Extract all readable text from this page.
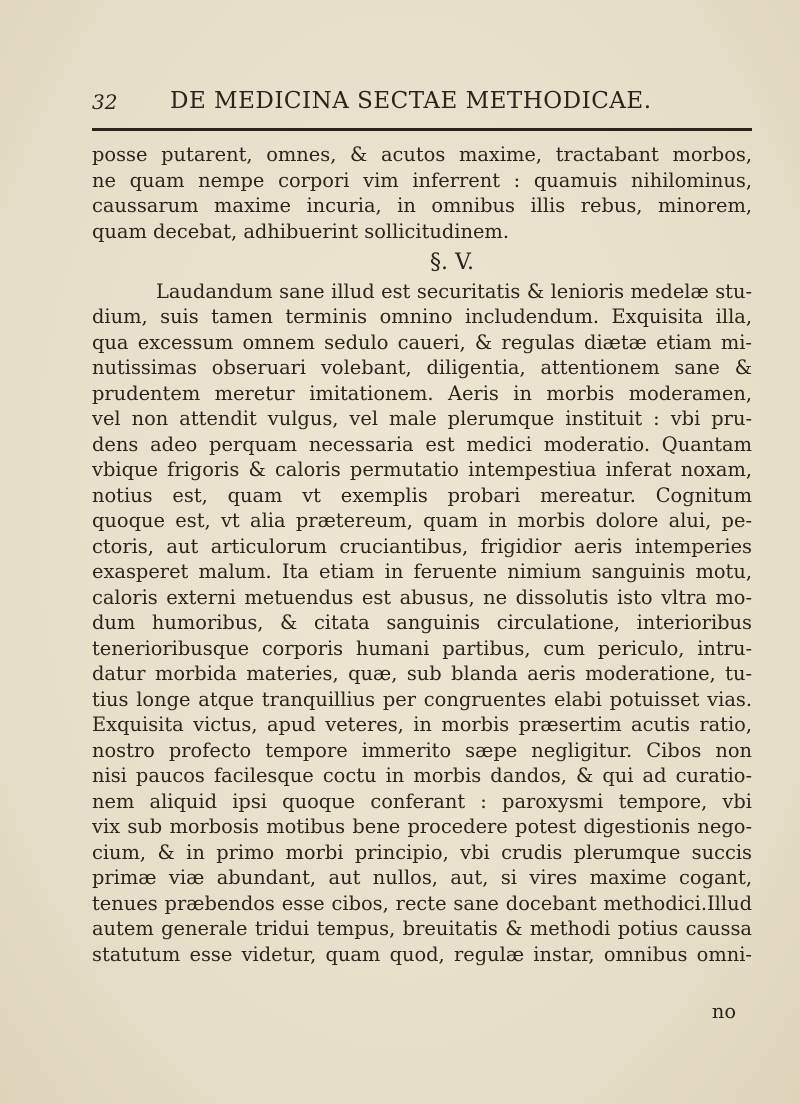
32 DE MEDICINA SECTAE METHODICAE.
posse putarent, omnes, & acutos maxime, tractabant morbos,
ne quam nempe corpori vim inferrent : quamuis nihilominus,
caussarum maxime incuria, in omnibus illis rebus, minorem,
quam decebat, adhibuerint sollicitudinem.
§. V.
Laudandum sane illud est securitatis & lenioris medelæ stu-
dium, suis tamen terminis omnino includendum. Exquisita illa,
qua excessum omnem sedulo caueri, & regulas diætæ etiam mi-
nutissimas obseruari volebant, diligentia, attentionem sane &
prudentem meretur imitationem. Aeris in morbis moderamen,
vel non attendit vulgus, vel male plerumque instituit : vbi pru-
dens adeo perquam necessaria est medici moderatio. Quantam
vbique frigoris & caloris permutatio intempestiua inferat noxam,
notius est, quam vt exemplis probari mereatur. Cognitum
quoque est, vt alia prætereum, quam in morbis dolore alui, pe-
ctoris, aut articulorum cruciantibus, frigidior aeris intemperies
exasperet malum. Ita etiam in feruente nimium sanguinis motu,
caloris externi metuendus est abusus, ne dissolutis isto vltra mo-
dum humoribus, & citata sanguinis circulatione, interioribus
tenerioribusque corporis humani partibus, cum periculo, intru-
datur morbida materies, quæ, sub blanda aeris moderatione, tu-
tius longe atque tranquillius per congruentes elabi potuisset vias.
Exquisita victus, apud veteres, in morbis præsertim acutis ratio,
nostro profecto tempore immerito sæpe negligitur. Cibos non
nisi paucos facilesque coctu in morbis dandos, & qui ad curatio-
nem aliquid ipsi quoque conferant : paroxysmi tempore, vbi
vix sub morbosis motibus bene procedere potest digestionis nego-
cium, & in primo morbi principio, vbi crudis plerumque succis
primæ viæ abundant, aut nullos, aut, si vires maxime cogant,
tenues præbendos esse cibos, recte sane docebant methodici.Illud
autem generale tridui tempus, breuitatis & methodi potius caussa
statutum esse videtur, quam quod, regulæ instar, omnibus omni-
no
